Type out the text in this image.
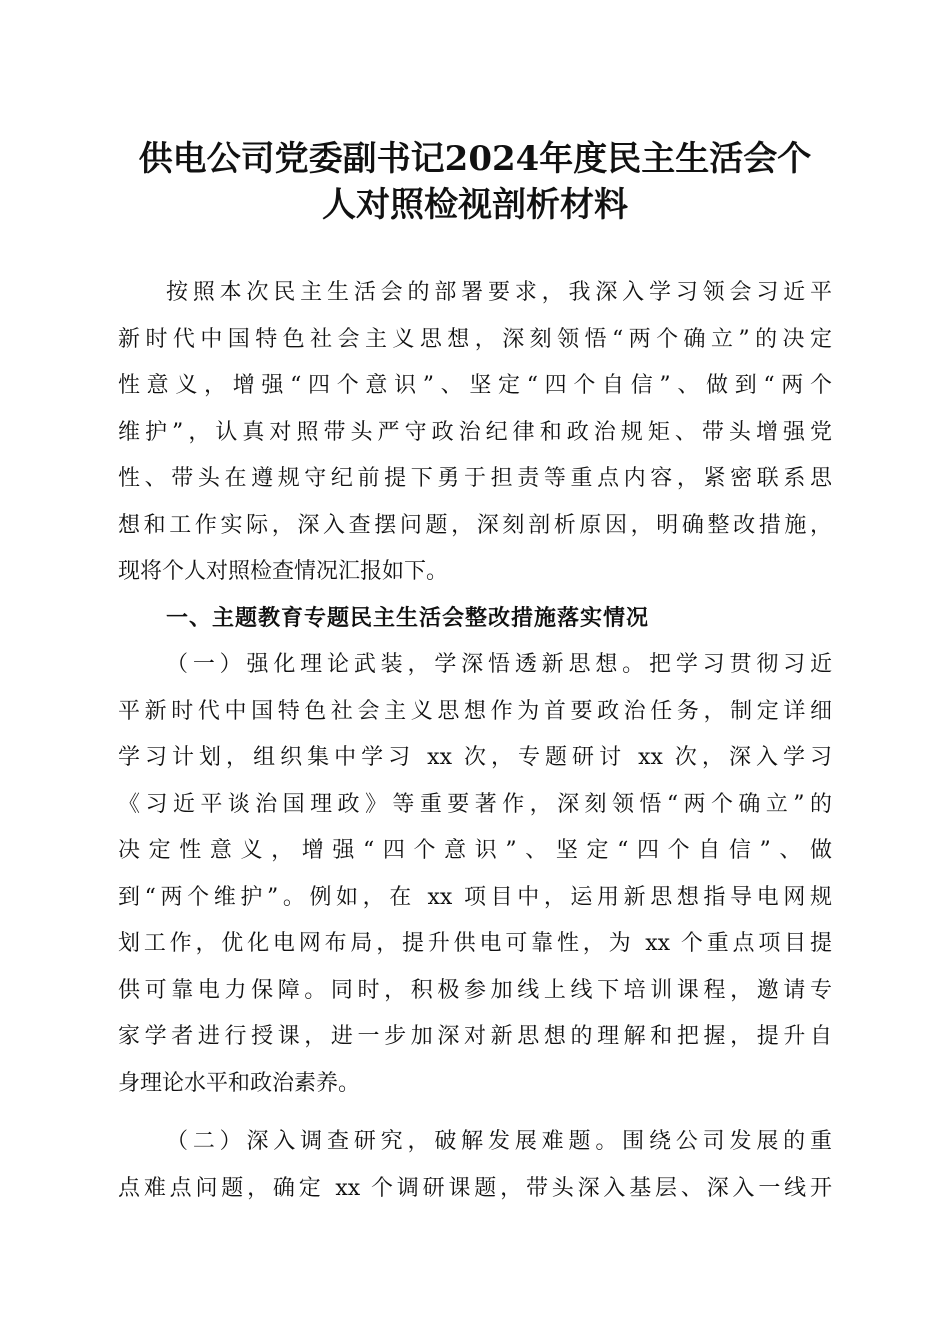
供电公司党委副书记2024年度民主生活会个
人对照检视剖析材料
按照本次民主生活会的部署要求，我深入学习领会习近平
新时代中国特色社会主义思想，深刻领悟“两个确立”的决定
性意义，增强“四个意识”、坚定“四个自信”、做到“两个
维护”，认真对照带头严守政治纪律和政治规矩、带头增强党
性、带头在遵规守纪前提下勇于担责等重点内容，紧密联系思
想和工作实际，深入查摆问题，深刻剖析原因，明确整改措施，
现将个人对照检查情况汇报如下。
一、主题教育专题民主生活会整改措施落实情况
（一）强化理论武装，学深悟透新思想。把学习贯彻习近
平新时代中国特色社会主义思想作为首要政治任务，制定详细
学习计划，组织集中学习 xx 次，专题研讨 xx 次，深入学习
《习近平谈治国理政》等重要著作，深刻领悟“两个确立”的
决定性意义，增强“四个意识”、坚定“四个自信”、做
到“两个维护”。例如，在 xx 项目中，运用新思想指导电网规
划工作，优化电网布局，提升供电可靠性，为 xx 个重点项目提
供可靠电力保障。同时，积极参加线上线下培训课程，邀请专
家学者进行授课，进一步加深对新思想的理解和把握，提升自
身理论水平和政治素养。
（二）深入调查研究，破解发展难题。围绕公司发展的重
点难点问题，确定 xx 个调研课题，带头深入基层、深入一线开
